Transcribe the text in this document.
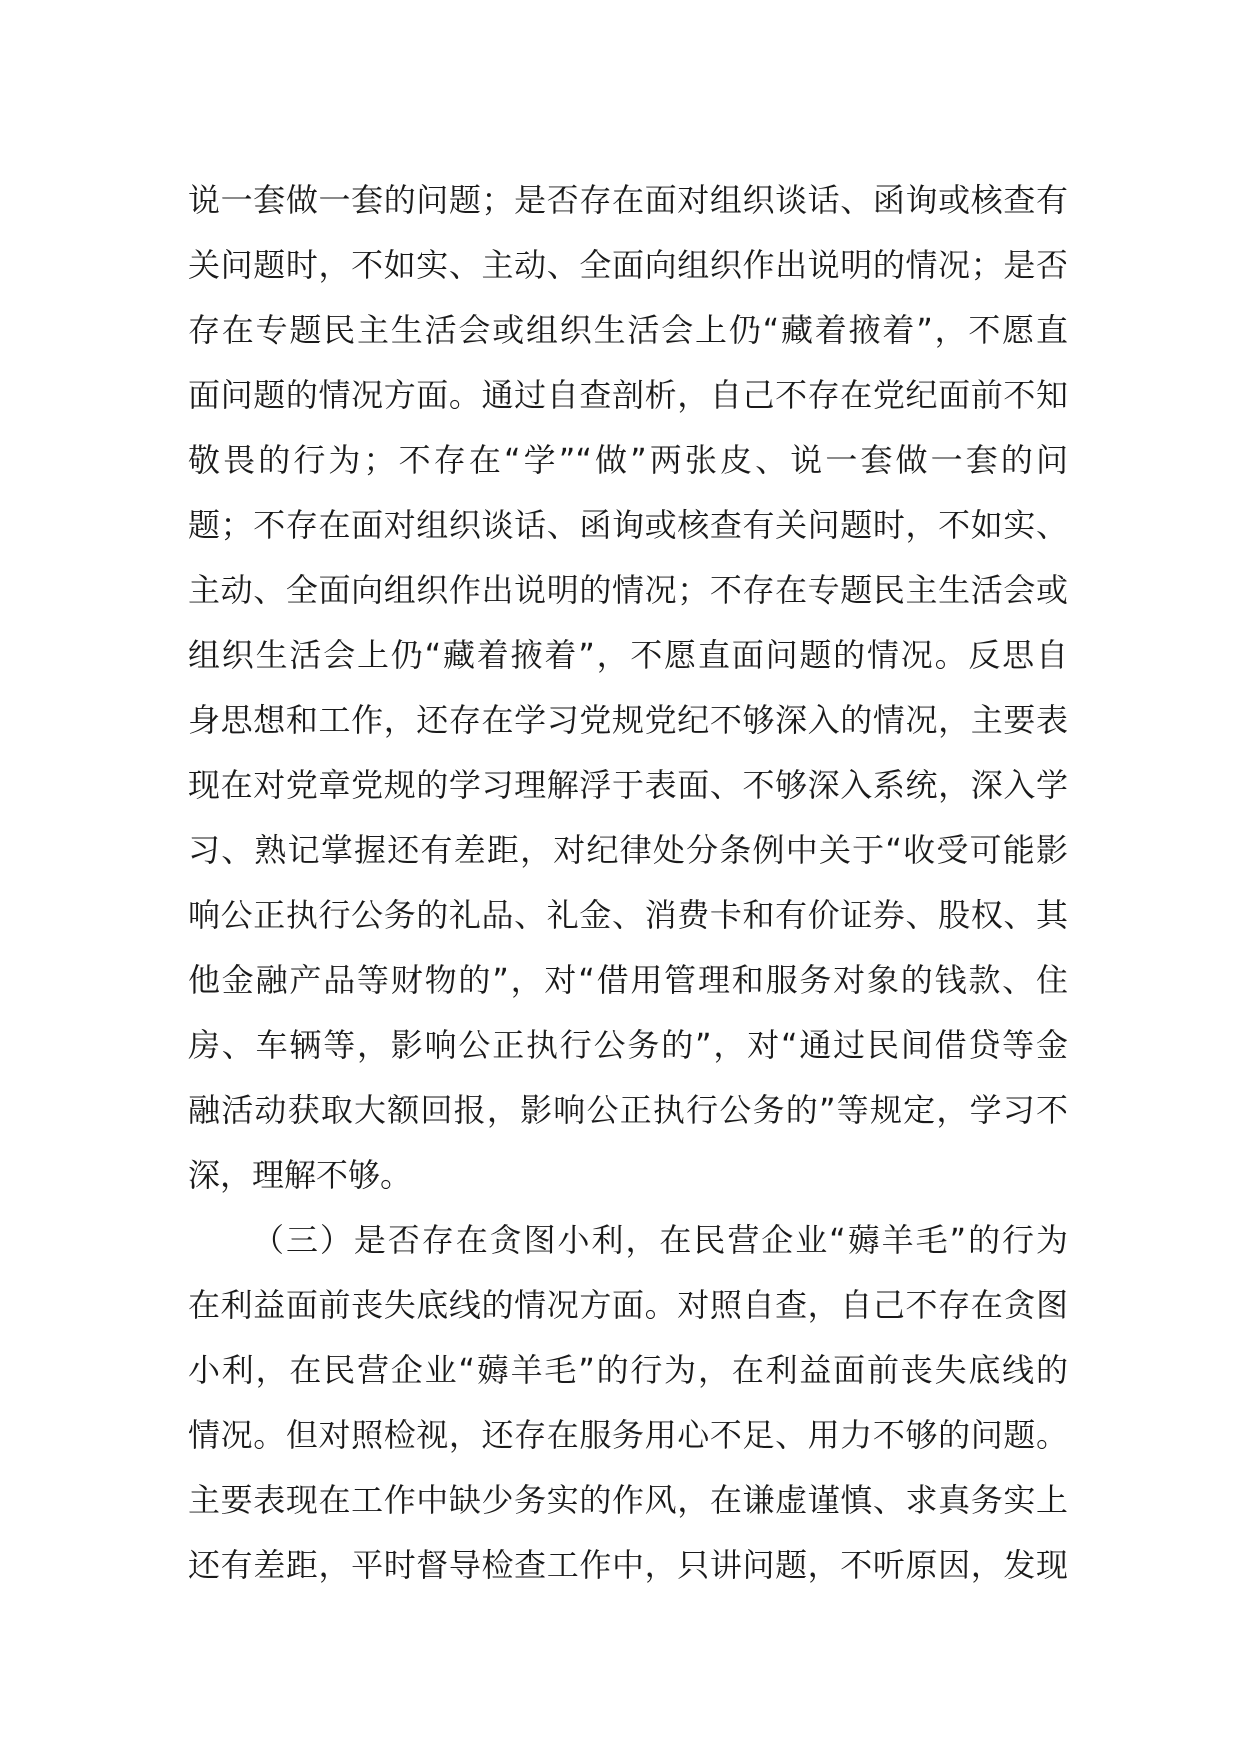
说一套做一套的问题；是否存在面对组织谈话、函询或核查有
关问题时，不如实、主动、全面向组织作出说明的情况；是否
存在专题民主生活会或组织生活会上仍“藏着掖着”，不愿直
面问题的情况方面。通过自查剖析，自己不存在党纪面前不知
敬畏的行为；不存在“学”“做”两张皮、说一套做一套的问
题；不存在面对组织谈话、函询或核查有关问题时，不如实、
主动、全面向组织作出说明的情况；不存在专题民主生活会或
组织生活会上仍“藏着掖着”，不愿直面问题的情况。反思自
身思想和工作，还存在学习党规党纪不够深入的情况，主要表
现在对党章党规的学习理解浮于表面、不够深入系统，深入学
习、熟记掌握还有差距，对纪律处分条例中关于“收受可能影
响公正执行公务的礼品、礼金、消费卡和有价证券、股权、其
他金融产品等财物的”，对“借用管理和服务对象的钱款、住
房、车辆等，影响公正执行公务的”，对“通过民间借贷等金
融活动获取大额回报，影响公正执行公务的”等规定，学习不
深，理解不够。
（三）是否存在贪图小利，在民营企业“薅羊毛”的行为
在利益面前丧失底线的情况方面。对照自查，自己不存在贪图
小利，在民营企业“薅羊毛”的行为，在利益面前丧失底线的
情况。但对照检视，还存在服务用心不足、用力不够的问题。
主要表现在工作中缺少务实的作风，在谦虚谨慎、求真务实上
还有差距，平时督导检查工作中，只讲问题，不听原因，发现
